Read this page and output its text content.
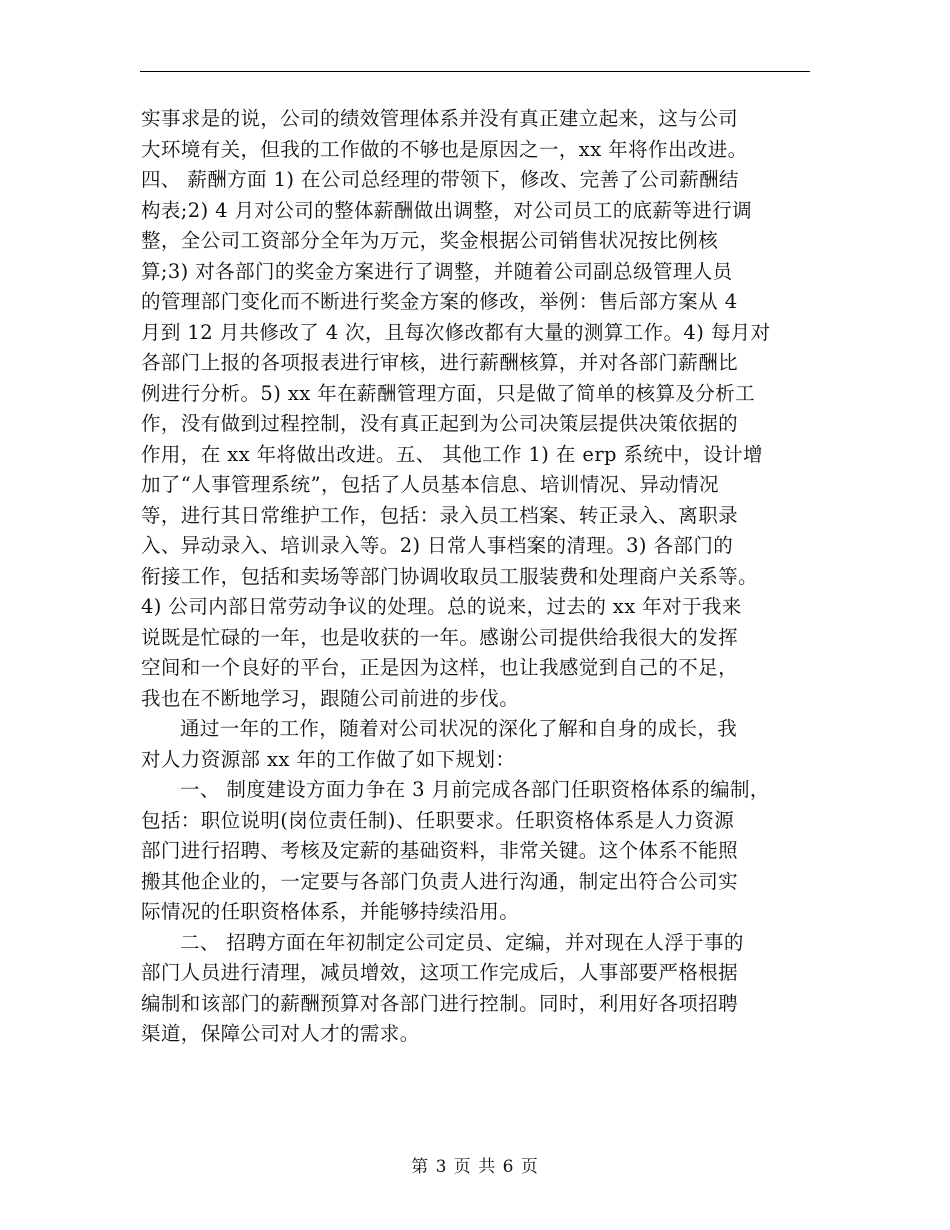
实事求是的说，公司的绩效管理体系并没有真正建立起来，这与公司
大环境有关，但我的工作做的不够也是原因之一，xx 年将作出改进。
四、 薪酬方面 1) 在公司总经理的带领下，修改、完善了公司薪酬结
构表;2) 4 月对公司的整体薪酬做出调整，对公司员工的底薪等进行调
整，全公司工资部分全年为万元，奖金根据公司销售状况按比例核
算;3) 对各部门的奖金方案进行了调整，并随着公司副总级管理人员
的管理部门变化而不断进行奖金方案的修改，举例：售后部方案从 4
月到 12 月共修改了 4 次，且每次修改都有大量的测算工作。4) 每月对
各部门上报的各项报表进行审核，进行薪酬核算，并对各部门薪酬比
例进行分析。5) xx 年在薪酬管理方面，只是做了简单的核算及分析工
作，没有做到过程控制，没有真正起到为公司决策层提供决策依据的
作用，在 xx 年将做出改进。五、 其他工作 1) 在 erp 系统中，设计增
加了“人事管理系统”，包括了人员基本信息、培训情况、异动情况
等，进行其日常维护工作，包括：录入员工档案、转正录入、离职录
入、异动录入、培训录入等。2) 日常人事档案的清理。3) 各部门的
衔接工作，包括和卖场等部门协调收取员工服装费和处理商户关系等。
4) 公司内部日常劳动争议的处理。总的说来，过去的 xx 年对于我来
说既是忙碌的一年，也是收获的一年。感谢公司提供给我很大的发挥
空间和一个良好的平台，正是因为这样，也让我感觉到自己的不足，
我也在不断地学习，跟随公司前进的步伐。

通过一年的工作，随着对公司状况的深化了解和自身的成长，我
对人力资源部 xx 年的工作做了如下规划：

一、 制度建设方面力争在 3 月前完成各部门任职资格体系的编制，
包括：职位说明(岗位责任制)、任职要求。任职资格体系是人力资源
部门进行招聘、考核及定薪的基础资料，非常关键。这个体系不能照
搬其他企业的，一定要与各部门负责人进行沟通，制定出符合公司实
际情况的任职资格体系，并能够持续沿用。

二、 招聘方面在年初制定公司定员、定编，并对现在人浮于事的
部门人员进行清理，减员增效，这项工作完成后，人事部要严格根据
编制和该部门的薪酬预算对各部门进行控制。同时，利用好各项招聘
渠道，保障公司对人才的需求。

第 3 页 共 6 页
